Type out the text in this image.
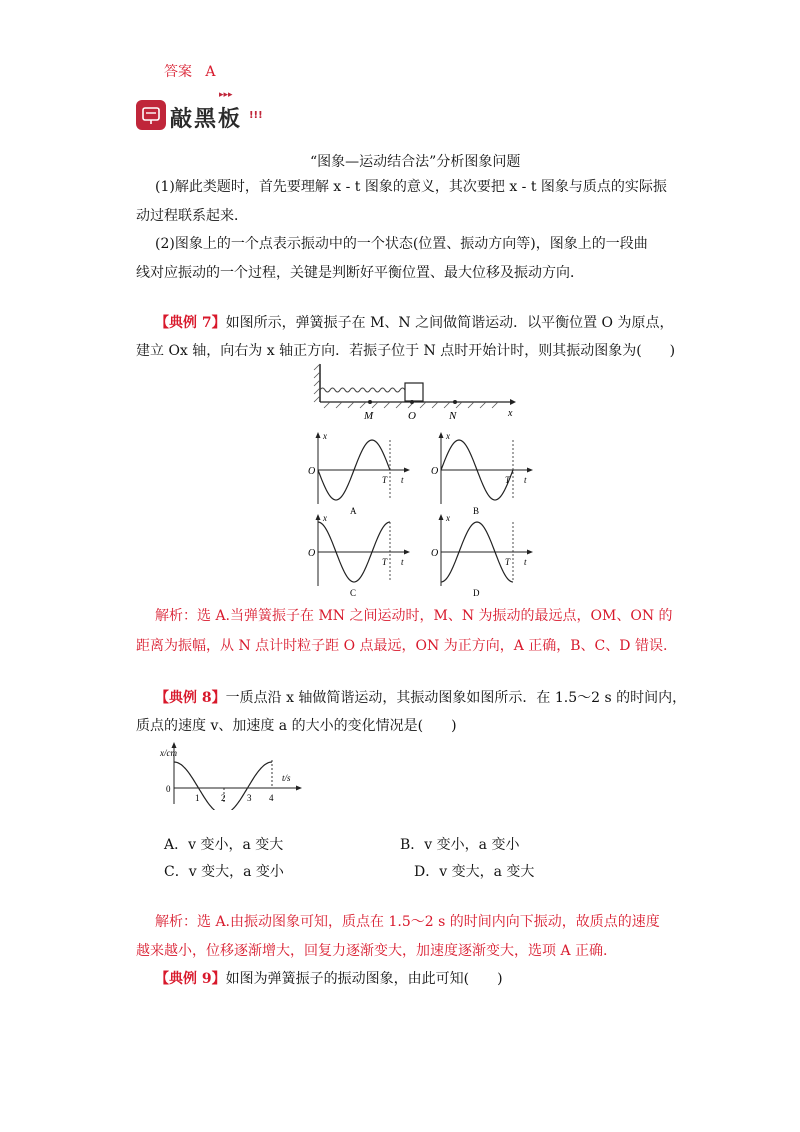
答案 A
敲黑板
▸▸▸
!!!
“图象—运动结合法”分析图象问题
(1)解此类题时，首先要理解 x - t 图象的意义，其次要把 x - t 图象与质点的实际振
动过程联系起来．
(2)图象上的一个点表示振动中的一个状态(位置、振动方向等)，图象上的一段曲
线对应振动的一个过程，关键是判断好平衡位置、最大位移及振动方向．
【典例 7】如图所示，弹簧振子在 M、N 之间做简谐运动．以平衡位置 O 为原点，
建立 Ox 轴，向右为 x 轴正方向．若振子位于 N 点时开始计时，则其振动图象为(　　)
M	O	N	x
x
O
T t
A
x
O
T t
B
x
O
T t
C
x
O
T t
D
解析：选 A.当弹簧振子在 MN 之间运动时，M、N 为振动的最远点，OM、ON 的
距离为振幅，从 N 点计时粒子距 O 点最远，ON 为正方向，A 正确，B、C、D 错误.
【典例 8】一质点沿 x 轴做简谐运动，其振动图象如图所示．在 1.5～2 s 的时间内，
质点的速度 v、加速度 a 的大小的变化情况是(　　)
x/cm
t/s
0
1 2 3 4
A．v 变小，a 变大	B．v 变小，a 变小
C．v 变大，a 变小	D．v 变大，a 变大
解析：选 A.由振动图象可知，质点在 1.5～2 s 的时间内向下振动，故质点的速度
越来越小，位移逐渐增大，回复力逐渐变大，加速度逐渐变大，选项 A 正确.
【典例 9】如图为弹簧振子的振动图象，由此可知(　　)
